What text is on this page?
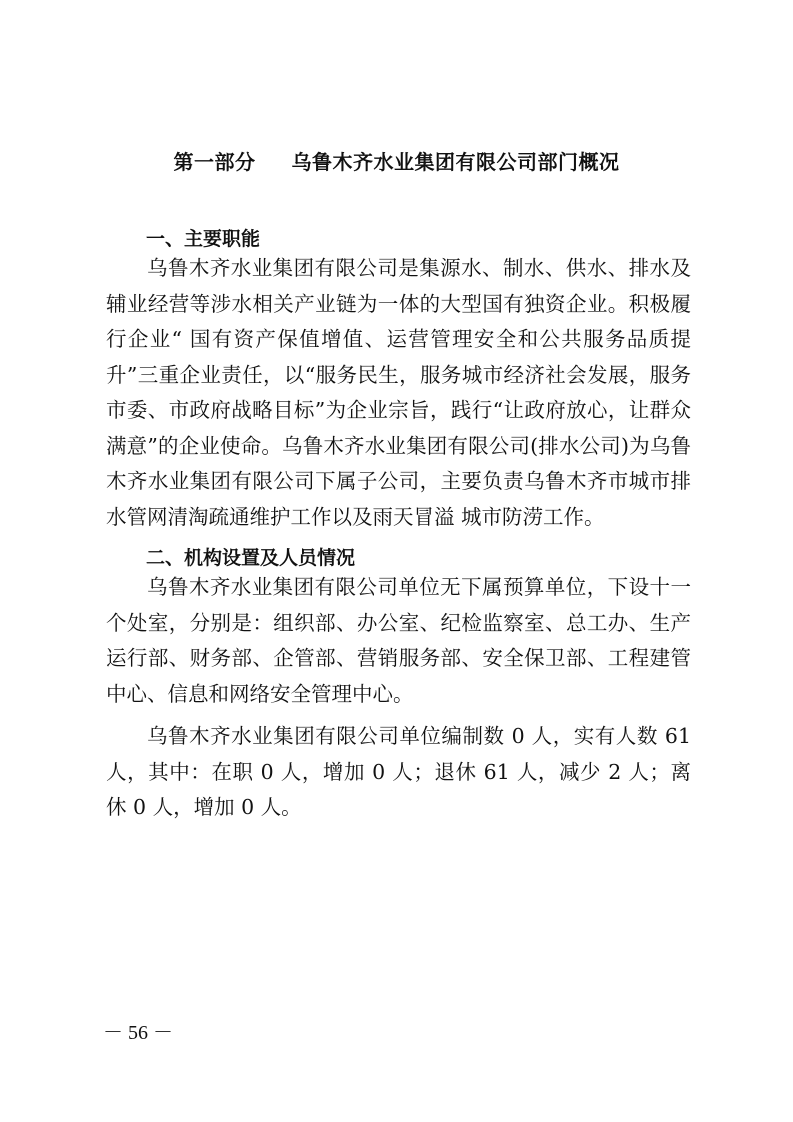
第一部分 乌鲁木齐水业集团有限公司部门概况
一、主要职能

乌鲁木齐水业集团有限公司是集源水、制水、供水、排水及辅业经营等涉水相关产业链为一体的大型国有独资企业。积极履行企业“ 国有资产保值增值、运营管理安全和公共服务品质提升”三重企业责任，以“服务民生，服务城市经济社会发展，服务市委、市政府战略目标”为企业宗旨，践行“让政府放心，让群众满意”的企业使命。乌鲁木齐水业集团有限公司(排水公司)为乌鲁木齐水业集团有限公司下属子公司，主要负责乌鲁木齐市城市排水管网清淘疏通维护工作以及雨天冒溢 城市防涝工作。

二、机构设置及人员情况

乌鲁木齐水业集团有限公司单位无下属预算单位，下设十一个处室，分别是：组织部、办公室、纪检监察室、总工办、生产运行部、财务部、企管部、营销服务部、安全保卫部、工程建管中心、信息和网络安全管理中心。

乌鲁木齐水业集团有限公司单位编制数 0 人，实有人数 61 人，其中：在职 0 人，增加 0 人；退休 61 人，减少 2 人；离休 0 人，增加 0 人。

－ 56 －
